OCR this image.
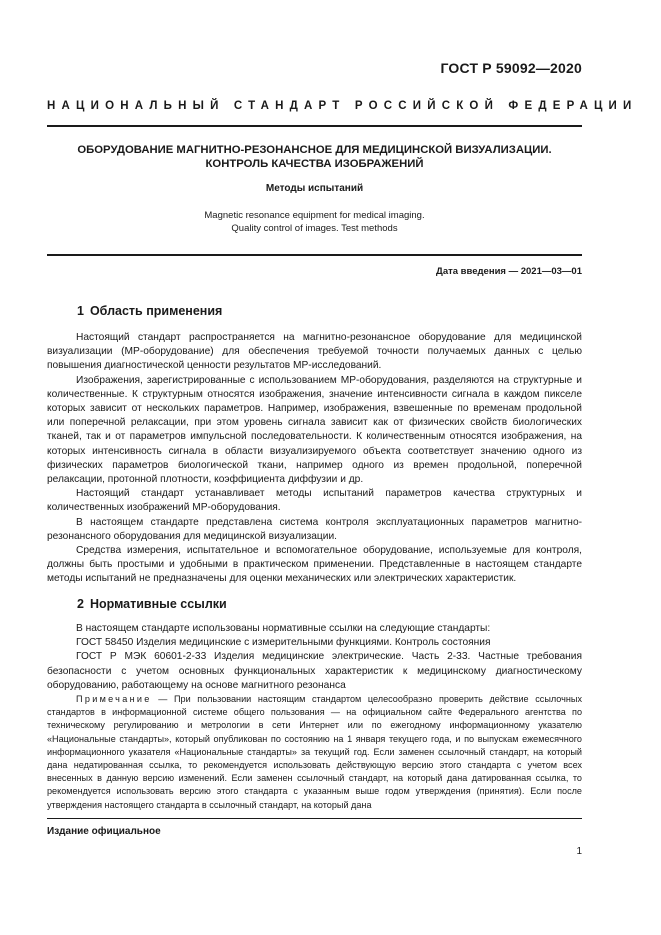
ГОСТ Р 59092—2020
НАЦИОНАЛЬНЫЙ СТАНДАРТ РОССИЙСКОЙ ФЕДЕРАЦИИ
ОБОРУДОВАНИЕ МАГНИТНО-РЕЗОНАНСНОЕ ДЛЯ МЕДИЦИНСКОЙ ВИЗУАЛИЗАЦИИ.
КОНТРОЛЬ КАЧЕСТВА ИЗОБРАЖЕНИЙ
Методы испытаний
Magnetic resonance equipment for medical imaging.
Quality control of images. Test methods
Дата введения — 2021—03—01
1 Область применения

Настоящий стандарт распространяется на магнитно-резонансное оборудование для медицинской визуализации (МР-оборудование) для обеспечения требуемой точности получаемых данных с целью повышения диагностической ценности результатов МР-исследований.

Изображения, зарегистрированные с использованием МР-оборудования, разделяются на структурные и количественные. К структурным относятся изображения, значение интенсивности сигнала в каждом пикселе которых зависит от нескольких параметров. Например, изображения, взвешенные по временам продольной или поперечной релаксации, при этом уровень сигнала зависит как от физических свойств биологических тканей, так и от параметров импульсной последовательности. К количественным относятся изображения, на которых интенсивность сигнала в области визуализируемого объекта соответствует значению одного из физических параметров биологической ткани, например одного из времен продольной, поперечной релаксации, протонной плотности, коэффициента диффузии и др.

Настоящий стандарт устанавливает методы испытаний параметров качества структурных и количественных изображений МР-оборудования.

В настоящем стандарте представлена система контроля эксплуатационных параметров магнитно-резонансного оборудования для медицинской визуализации.

Средства измерения, испытательное и вспомогательное оборудование, используемые для контроля, должны быть простыми и удобными в практическом применении. Представленные в настоящем стандарте методы испытаний не предназначены для оценки механических или электрических характеристик.

2 Нормативные ссылки

В настоящем стандарте использованы нормативные ссылки на следующие стандарты:

ГОСТ 58450 Изделия медицинские с измерительными функциями. Контроль состояния

ГОСТ Р МЭК 60601-2-33 Изделия медицинские электрические. Часть 2-33. Частные требования безопасности с учетом основных функциональных характеристик к медицинскому диагностическому оборудованию, работающему на основе магнитного резонанса

Примечание — При пользовании настоящим стандартом целесообразно проверить действие ссылочных стандартов в информационной системе общего пользования — на официальном сайте Федерального агентства по техническому регулированию и метрологии в сети Интернет или по ежегодному информационному указателю «Национальные стандарты», который опубликован по состоянию на 1 января текущего года, и по выпускам ежемесячного информационного указателя «Национальные стандарты» за текущий год. Если заменен ссылочный стандарт, на который дана недатированная ссылка, то рекомендуется использовать действующую версию этого стандарта с учетом всех внесенных в данную версию изменений. Если заменен ссылочный стандарт, на который дана датированная ссылка, то рекомендуется использовать версию этого стандарта с указанным выше годом утверждения (принятия). Если после утверждения настоящего стандарта в ссылочный стандарт, на который дана
Издание официальное
1
